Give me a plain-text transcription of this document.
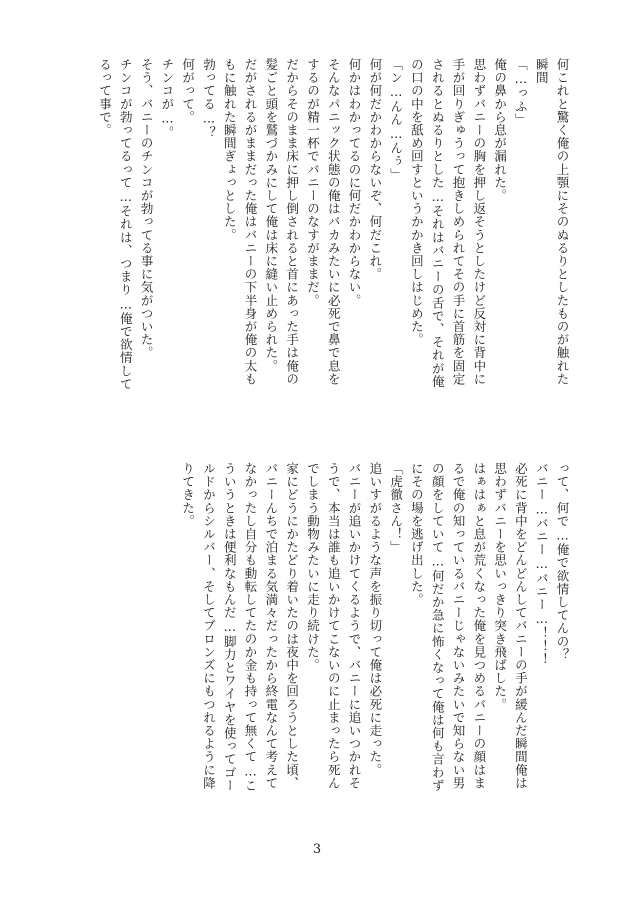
何これと驚く俺の上顎にそのぬるりとしたものが触れた
瞬間
「…っふ」
俺の鼻から息が漏れた。
思わずバニーの胸を押し返そうとしたけど反対に背中に
手が回りぎゅうって抱きしめられてその手に首筋を固定
されるとぬるりとした…それはバニーの舌で、それが俺
の口の中を舐め回すというかかき回しはじめた。
「ン…んん…んぅ」
何が何だかわからないぞ、何だこれ。
何かはわかってるのに何だかわからない。
そんなパニック状態の俺はバカみたいに必死で鼻で息を
するのが精一杯でバニーのなすがままだ。
だからそのまま床に押し倒されると首にあった手は俺の
髪ごと頭を鷲づかみにして俺は床に縫い止められた。
だがされるがままだった俺はバニーの下半身が俺の太も
もに触れた瞬間ぎょっとした。
勃ってる…？
何がって。
チンコが…。
そう、バニーのチンコが勃ってる事に気がついた。
チンコが勃ってるって…それは、つまり…俺で欲情して
るって事で。
って、何で…俺で欲情してんの？
バニー…バニー…バニー…！！！
必死に背中をどんどんしてバニーの手が緩んだ瞬間俺は
思わずバニーを思いっきり突き飛ばした。
はぁはぁと息が荒くなった俺を見つめるバニーの顔はま
るで俺の知っているバニーじゃないみたいで知らない男
の顔をしていて…何だか急に怖くなって俺は何も言わず
にその場を逃げ出した。
「虎徹さん！」
追いすがるような声を振り切って俺は必死に走った。
バニーが追いかけてくるようで、バニーに追いつかれそ
うで、本当は誰も追いかけてこないのに止まったら死ん
でしまう動物みたいに走り続けた。
家にどうにかたどり着いたのは夜中を回ろうとした頃、
バニーんちで泊まる気満々だったから終電なんて考えて
なかったし自分も動転してたのか金も持って無くて…こ
ういうときは便利なもんだ…脚力とワイヤを使ってゴー
ルドからシルバー、そしてブロンズにもつれるように降
りてきた。
3
